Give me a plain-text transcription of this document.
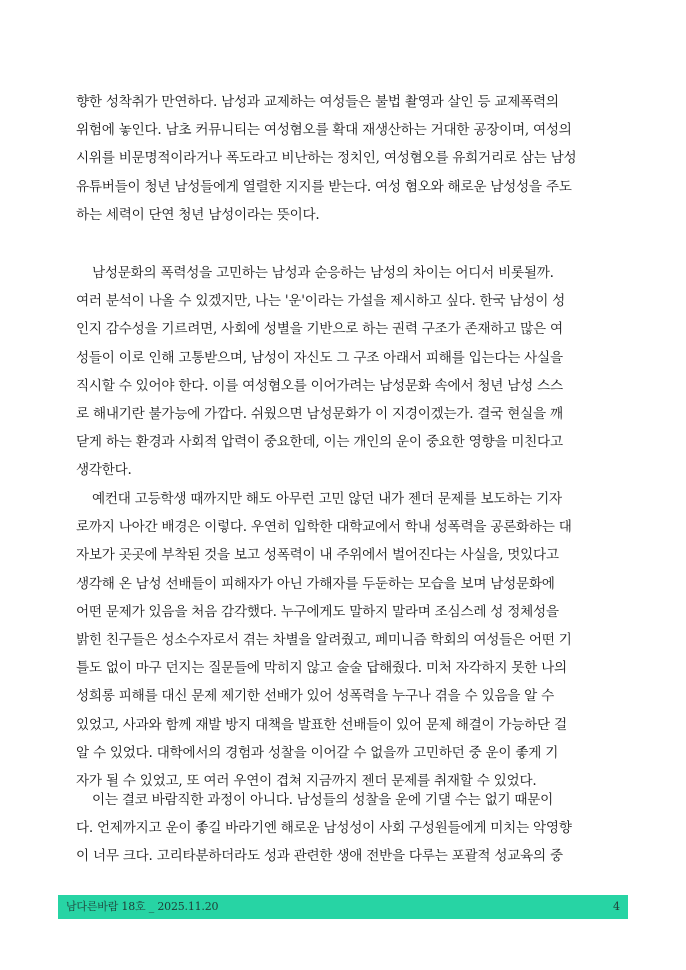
향한 성착취가 만연하다. 남성과 교제하는 여성들은 불법 촬영과 살인 등 교제폭력의
위험에 놓인다. 남초 커뮤니티는 여성혐오를 확대 재생산하는 거대한 공장이며, 여성의
시위를 비문명적이라거나 폭도라고 비난하는 정치인, 여성혐오를 유희거리로 삼는 남성
유튜버들이 청년 남성들에게 열렬한 지지를 받는다. 여성 혐오와 해로운 남성성을 주도
하는 세력이 단연 청년 남성이라는 뜻이다.
남성문화의 폭력성을 고민하는 남성과 순응하는 남성의 차이는 어디서 비롯될까.
여러 분석이 나올 수 있겠지만, 나는 '운'이라는 가설을 제시하고 싶다. 한국 남성이 성
인지 감수성을 기르려면, 사회에 성별을 기반으로 하는 권력 구조가 존재하고 많은 여
성들이 이로 인해 고통받으며, 남성이 자신도 그 구조 아래서 피해를 입는다는 사실을
직시할 수 있어야 한다. 이를 여성혐오를 이어가려는 남성문화 속에서 청년 남성 스스
로 해내기란 불가능에 가깝다. 쉬웠으면 남성문화가 이 지경이겠는가. 결국 현실을 깨
닫게 하는 환경과 사회적 압력이 중요한데, 이는 개인의 운이 중요한 영향을 미친다고
생각한다.
예컨대 고등학생 때까지만 해도 아무런 고민 않던 내가 젠더 문제를 보도하는 기자
로까지 나아간 배경은 이렇다. 우연히 입학한 대학교에서 학내 성폭력을 공론화하는 대
자보가 곳곳에 부착된 것을 보고 성폭력이 내 주위에서 벌어진다는 사실을, 멋있다고
생각해 온 남성 선배들이 피해자가 아닌 가해자를 두둔하는 모습을 보며 남성문화에
어떤 문제가 있음을 처음 감각했다. 누구에게도 말하지 말라며 조심스레 성 정체성을
밝힌 친구들은 성소수자로서 겪는 차별을 알려줬고, 페미니즘 학회의 여성들은 어떤 기
틀도 없이 마구 던지는 질문들에 막히지 않고 술술 답해줬다. 미처 자각하지 못한 나의
성희롱 피해를 대신 문제 제기한 선배가 있어 성폭력을 누구나 겪을 수 있음을 알 수
있었고, 사과와 함께 재발 방지 대책을 발표한 선배들이 있어 문제 해결이 가능하단 걸
알 수 있었다. 대학에서의 경험과 성찰을 이어갈 수 없을까 고민하던 중 운이 좋게 기
자가 될 수 있었고, 또 여러 우연이 겹쳐 지금까지 젠더 문제를 취재할 수 있었다.
이는 결코 바람직한 과정이 아니다. 남성들의 성찰을 운에 기댈 수는 없기 때문이
다. 언제까지고 운이 좋길 바라기엔 해로운 남성성이 사회 구성원들에게 미치는 악영향
이 너무 크다. 고리타분하더라도 성과 관련한 생애 전반을 다루는 포괄적 성교육의 중
남다른바람 18호 _ 2025.11.20	4
